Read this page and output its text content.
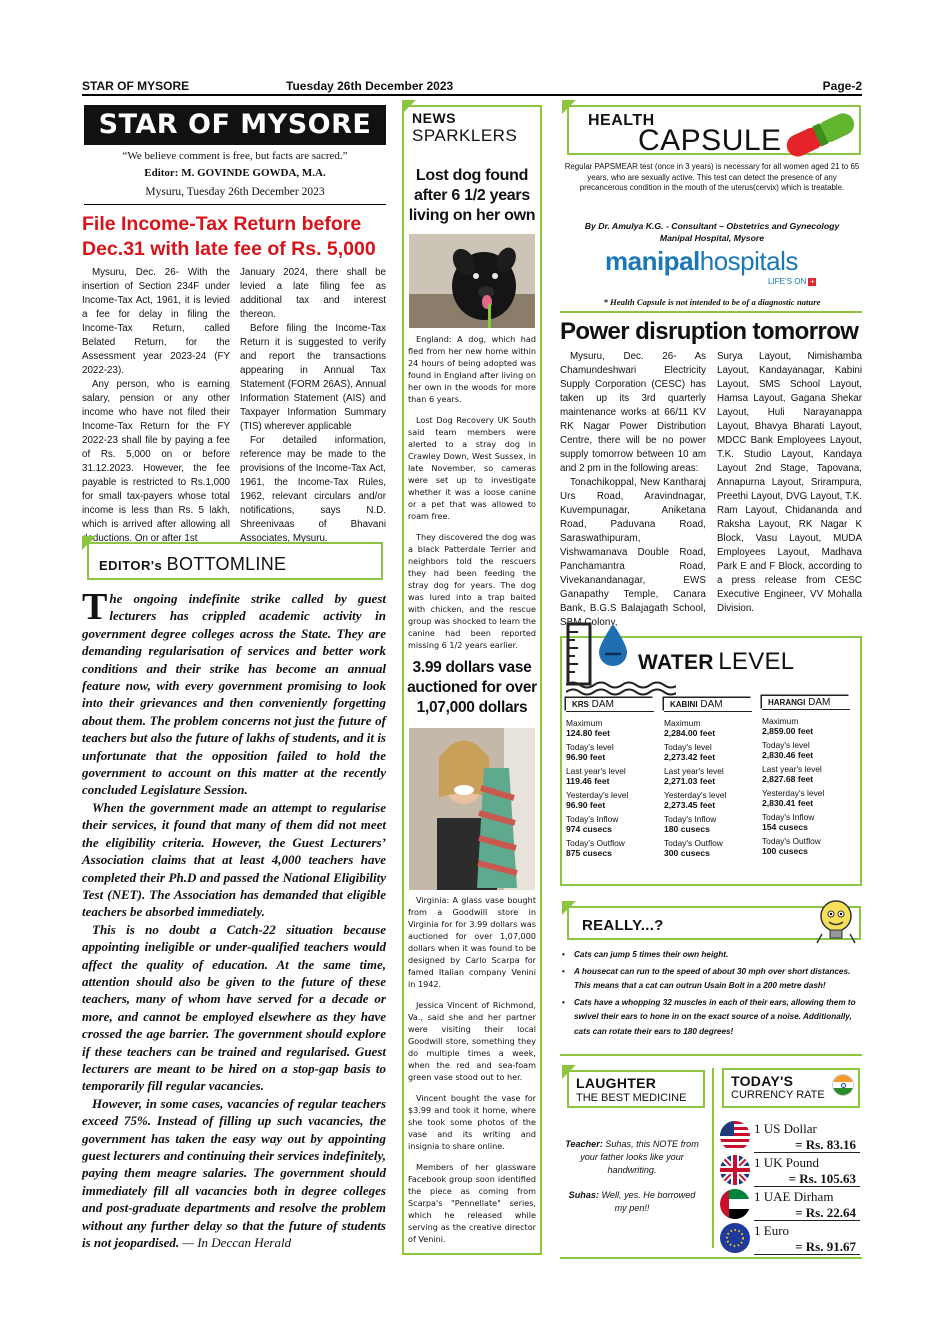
STAR OF MYSORE	Tuesday 26th December 2023	Page-2
STAR OF MYSORE
“We believe comment is free, but facts are sacred.”
Editor: M. GOVINDE GOWDA, M.A.
Mysuru, Tuesday 26th December 2023
File Income-Tax Return before
Dec.31 with late fee of Rs. 5,000

Mysuru, Dec. 26- With the insertion of Section 234F under Income-Tax Act, 1961, it is levied a fee for delay in filing the Income-Tax Return, called Belated Return, for the Assessment year 2023-24 (FY 2022-23).

Any person, who is earning salary, pension or any other income who have not filed their Income-Tax Return for the FY 2022-23 shall file by paying a fee of Rs. 5,000 on or before 31.12.2023. However, the fee payable is restricted to Rs.1,000 for small tax-payers whose total income is less than Rs. 5 lakh, which is arrived after allowing all deductions. On or after 1st

January 2024, there shall be levied a late filing fee as additional tax and interest thereon.

Before filing the Income-Tax Return it is suggested to verify and report the transactions appearing in Annual Tax Statement (FORM 26AS), Annual Information Statement (AIS) and Taxpayer Information Summary (TIS) wherever applicable

For detailed information, reference may be made to the provisions of the Income-Tax Act, 1961, the Income-Tax Rules, 1962, relevant circulars and/or notifications, says N.D. Shreenivaas of Bhavani Associates, Mysuru.

EDITOR's BOTTOMLINE

The ongoing indefinite strike called by guest lecturers has crippled academic activity in government degree colleges across the State. They are demanding regularisation of services and better work conditions and their strike has become an annual feature now, with every government promising to look into their grievances and then conveniently forgetting about them. The problem concerns not just the future of teachers but also the future of lakhs of students, and it is unfortunate that the opposition failed to hold the government to account on this matter at the recently concluded Legislature Session.

When the government made an attempt to regularise their services, it found that many of them did not meet the eligibility criteria. However, the Guest Lecturers’ Association claims that at least 4,000 teachers have completed their Ph.D and passed the National Eligibility Test (NET). The Association has demanded that eligible teachers be absorbed immediately.

This is no doubt a Catch-22 situation because appointing ineligible or under-qualified teachers would affect the quality of education. At the same time, attention should also be given to the future of these teachers, many of whom have served for a decade or more, and cannot be employed elsewhere as they have crossed the age barrier. The government should explore if these teachers can be trained and regularised. Guest lecturers are meant to be hired on a stop-gap basis to temporarily fill regular vacancies.

However, in some cases, vacancies of regular teachers exceed 75%. Instead of filling up such vacancies, the government has taken the easy way out by appointing guest lecturers and continuing their services indefinitely, paying them meagre salaries. The government should immediately fill all vacancies both in degree colleges and post-graduate departments and resolve the problem without any further delay so that the future of students is not jeopardised. — In Deccan Herald

NEWS
SPARKLERS
Lost dog found after 6 1/2 years living on her own

England: A dog, which had fled from her new home within 24 hours of being adopted was found in England after living on her own in the woods for more than 6 years.

Lost Dog Recovery UK South said team members were alerted to a stray dog in Crawley Down, West Sussex, in late November, so cameras were set up to investigate whether it was a loose canine or a pet that was allowed to roam free.

They discovered the dog was a black Patterdale Terrier and neighbors told the rescuers they had been feeding the stray dog for years. The dog was lured into a trap baited with chicken, and the rescue group was shocked to learn the canine had been reported missing 6 1/2 years earlier.

3.99 dollars vase auctioned for over 1,07,000 dollars

Virginia: A glass vase bought from a Goodwill store in Virginia for for 3.99 dollars was auctioned for over 1,07,000 dollars when it was found to be designed by Carlo Scarpa for famed Italian company Venini in 1942.

Jessica Vincent of Richmond, Va., said she and her partner were visiting their local Goodwill store, something they do multiple times a week, when the red and sea-foam green vase stood out to her.

Vincent bought the vase for $3.99 and took it home, where she took some photos of the vase and its writing and insignia to share online.

Members of her glassware Facebook group soon identified the piece as coming from Scarpa's "Pennellate" series, which he released while serving as the creative director of Venini.

HEALTH
CAPSULE
Regular PAPSMEAR test (once in 3 years) is necessary for all women aged 21 to 65 years, who are sexually active. This test can detect the presence of any precancerous condition in the mouth of the uterus(cervix) which is treatable.
By Dr. Amulya K.G. - Consultant – Obstetrics and Gynecology
Manipal Hospital, Mysore
manipalhospitals
LIFE’S ON +
* Health Capsule is not intended to be of a diagnostic nature
Power disruption tomorrow

Mysuru, Dec. 26- As Chamundeshwari Electricity Supply Corporation (CESC) has taken up its 3rd quarterly maintenance works at 66/11 KV RK Nagar Power Distribution Centre, there will be no power supply tomorrow between 10 am and 2 pm in the following areas:

Tonachikoppal, New Kantharaj Urs Road, Aravindnagar, Kuvempunagar, Aniketana Road, Paduvana Road, Saraswathipuram, Vishwamanava Double Road, Panchamantra Road, Vivekanandanagar, EWS Ganapathy Temple, Canara Bank, B.G.S Balajagath School, SBM Colony,

Surya Layout, Nimishamba Layout, Kandayanagar, Kabini Layout, SMS School Layout, Hamsa Layout, Gagana Shekar Layout, Huli Narayanappa Layout, Bhavya Bharati Layout, MDCC Bank Employees Layout, T.K. Studio Layout, Kandaya Layout 2nd Stage, Tapovana, Annapurna Layout, Srirampura, Preethi Layout, DVG Layout, T.K. Ram Layout, Chidananda and Raksha Layout, RK Nagar K Block, Vasu Layout, MUDA Employees Layout, Madhava Park E and F Block, according to a press release from CESC Executive Engineer, VV Mohalla Division.

WATER LEVEL
KRS DAM
Maximum
124.80 feet
Today's level
96.90 feet
Last year's level
119.46 feet
Yesterday's level
96.90 feet
Today's Inflow
974 cusecs
Today's Outflow
875 cusecs
KABINI DAM
Maximum
2,284.00 feet
Today's level
2,273.42 feet
Last year's level
2,271.03 feet
Yesterday's level
2,273.45 feet
Today's Inflow
180 cusecs
Today's Outflow
300 cusecs
HARANGI DAM
Maximum
2,859.00 feet
Today's level
2,830.46 feet
Last year's level
2,827.68 feet
Yesterday's level
2,830.41 feet
Today's Inflow
154 cusecs
Today's Outflow
100 cusecs
REALLY...?
• Cats can jump 5 times their own height.
• A housecat can run to the speed of about 30 mph over short distances. This means that a cat can outrun Usain Bolt in a 200 metre dash!
• Cats have a whopping 32 muscles in each of their ears, allowing them to swivel their ears to hone in on the exact source of a noise. Additionally, cats can rotate their ears to 180 degrees!
LAUGHTER
THE BEST MEDICINE
Teacher: Suhas, this NOTE from your father looks like your handwriting.
Suhas: Well, yes. He borrowed my pen!!
TODAY'S
CURRENCY RATE
1 US Dollar
= Rs. 83.16
1 UK Pound
= Rs. 105.63
1 UAE Dirham
= Rs. 22.64
1 Euro
= Rs. 91.67
